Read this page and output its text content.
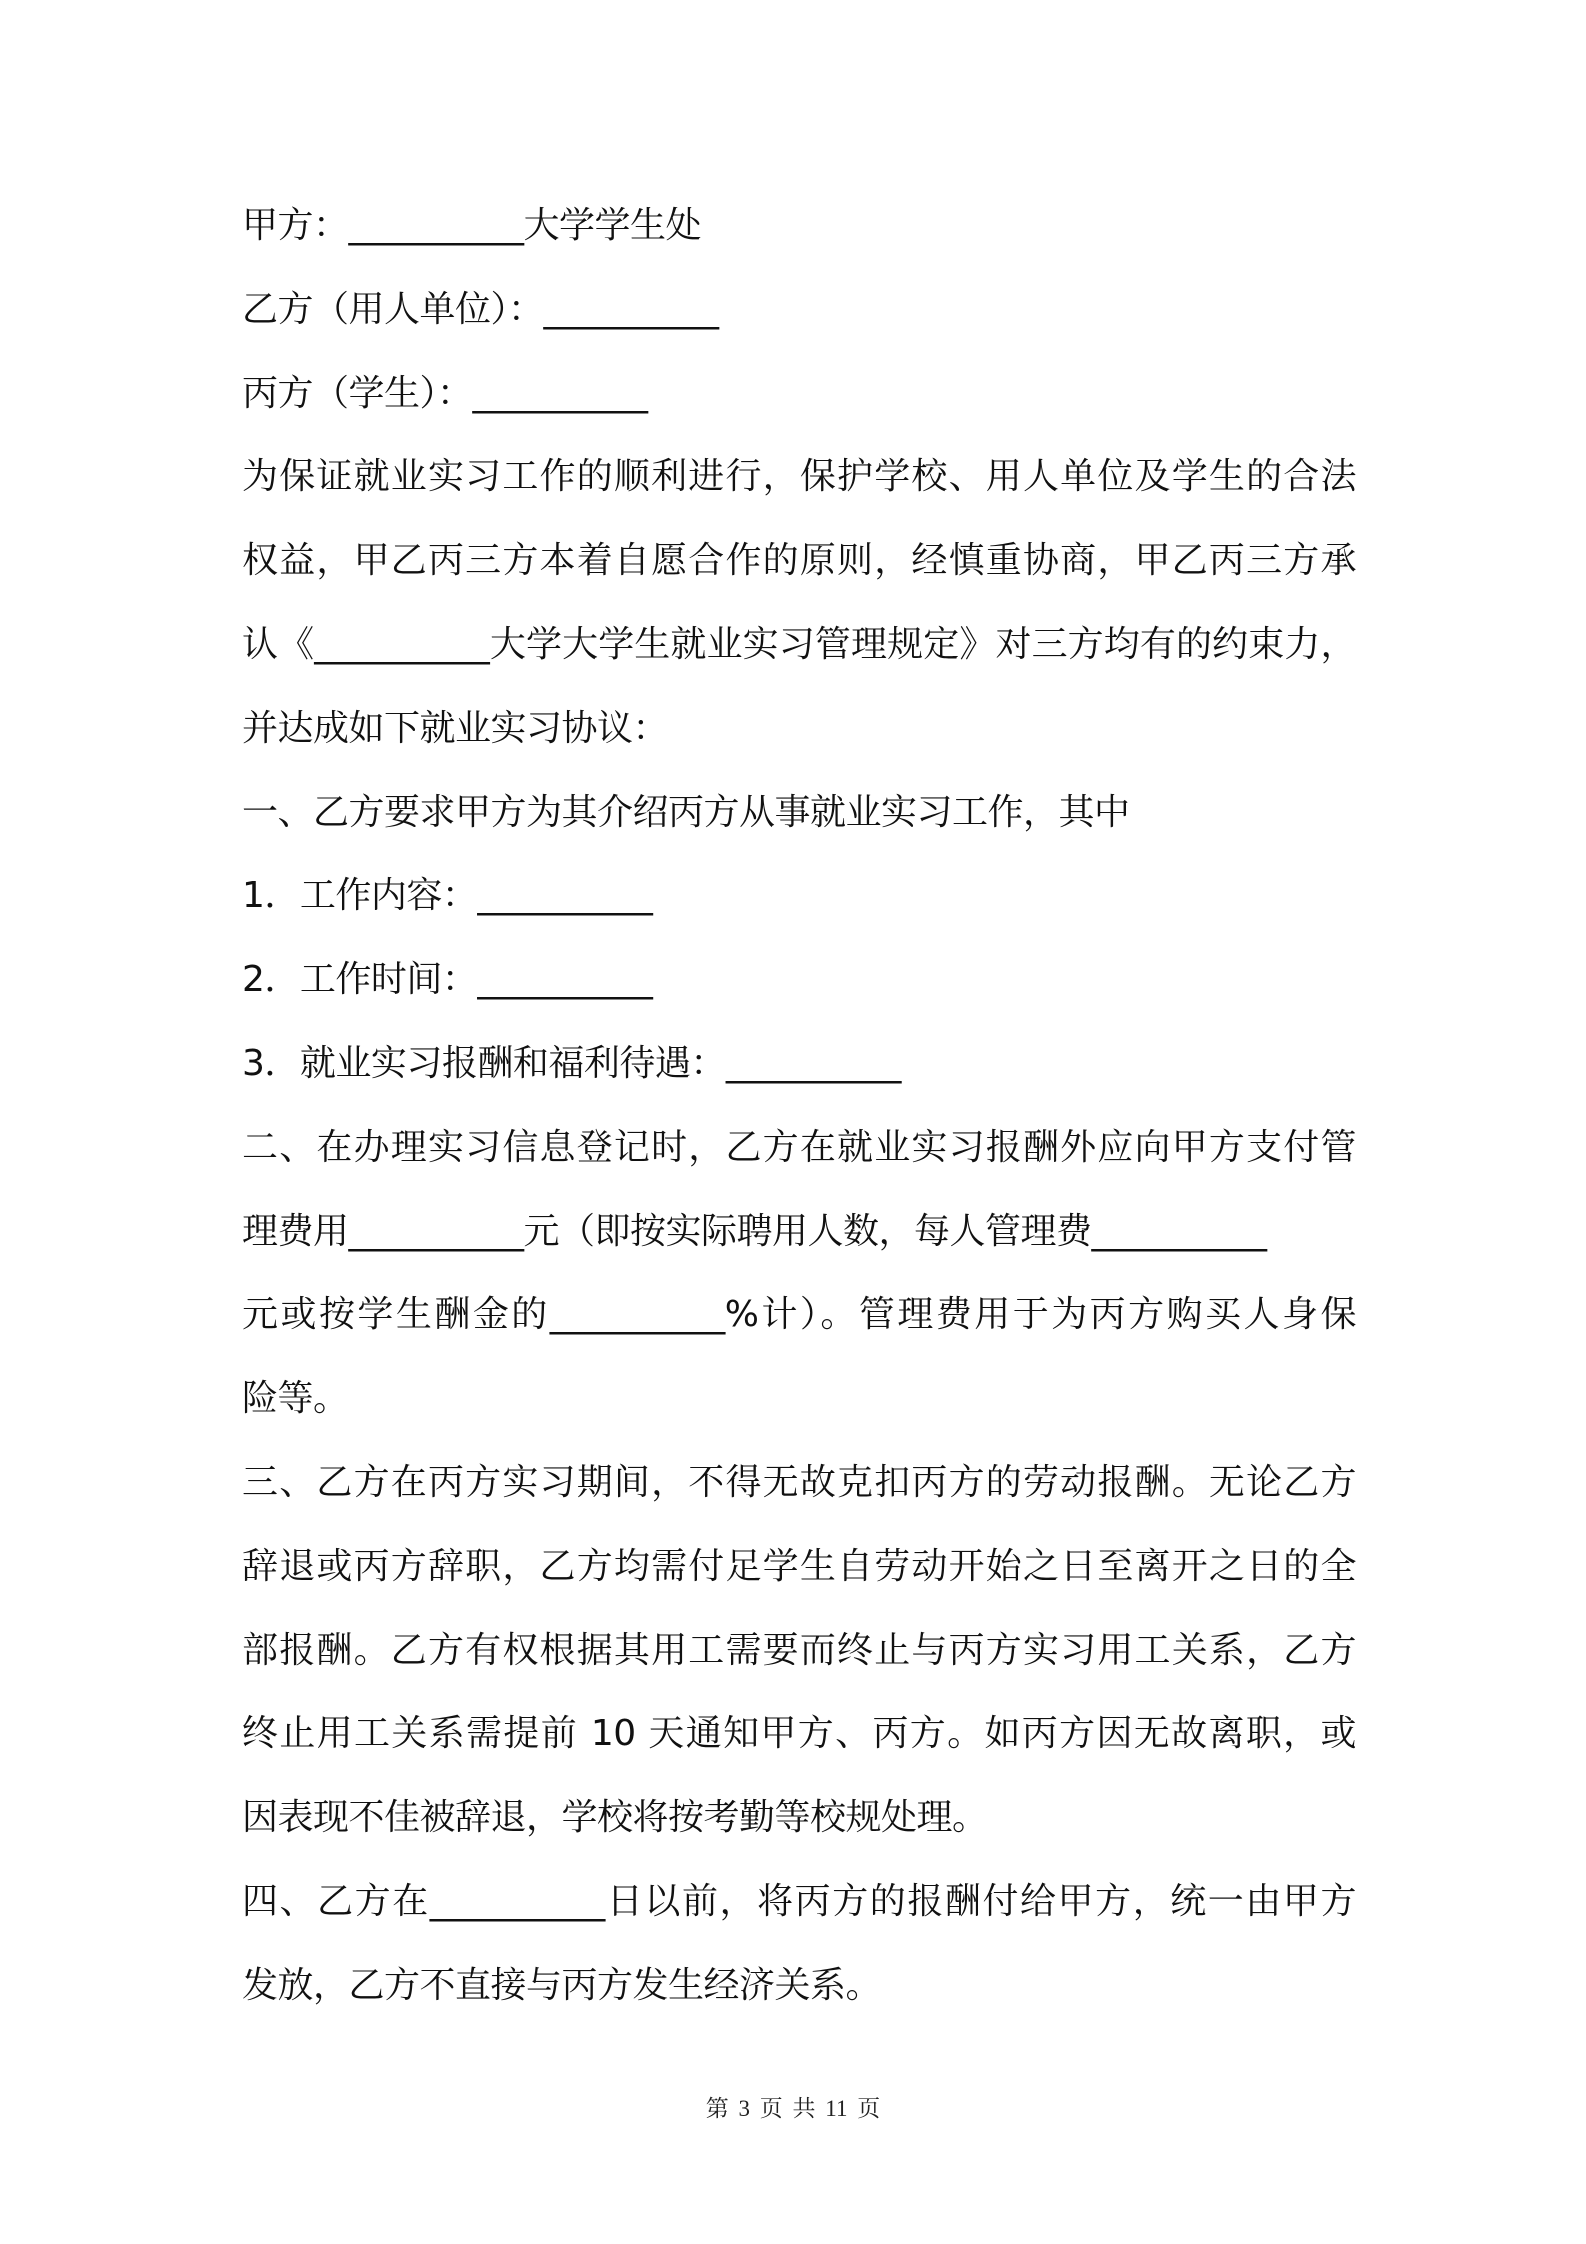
甲方：__________大学学生处
乙方（用人单位）：__________
丙方（学生）：__________
为保证就业实习工作的顺利进行，保护学校、用人单位及学生的合法
权益，甲乙丙三方本着自愿合作的原则，经慎重协商，甲乙丙三方承
认《__________大学大学生就业实习管理规定》对三方均有的约束力，
并达成如下就业实习协议：
一、乙方要求甲方为其介绍丙方从事就业实习工作，其中
1．工作内容：__________
2．工作时间：__________
3．就业实习报酬和福利待遇：__________
二、在办理实习信息登记时，乙方在就业实习报酬外应向甲方支付管
理费用__________元（即按实际聘用人数，每人管理费__________
元或按学生酬金的__________%计）。管理费用于为丙方购买人身保
险等。
三、乙方在丙方实习期间，不得无故克扣丙方的劳动报酬。无论乙方
辞退或丙方辞职，乙方均需付足学生自劳动开始之日至离开之日的全
部报酬。乙方有权根据其用工需要而终止与丙方实习用工关系，乙方
终止用工关系需提前 10 天通知甲方、丙方。如丙方因无故离职，或
因表现不佳被辞退，学校将按考勤等校规处理。
四、乙方在__________日以前，将丙方的报酬付给甲方，统一由甲方
发放，乙方不直接与丙方发生经济关系。
第 3 页 共 11 页
